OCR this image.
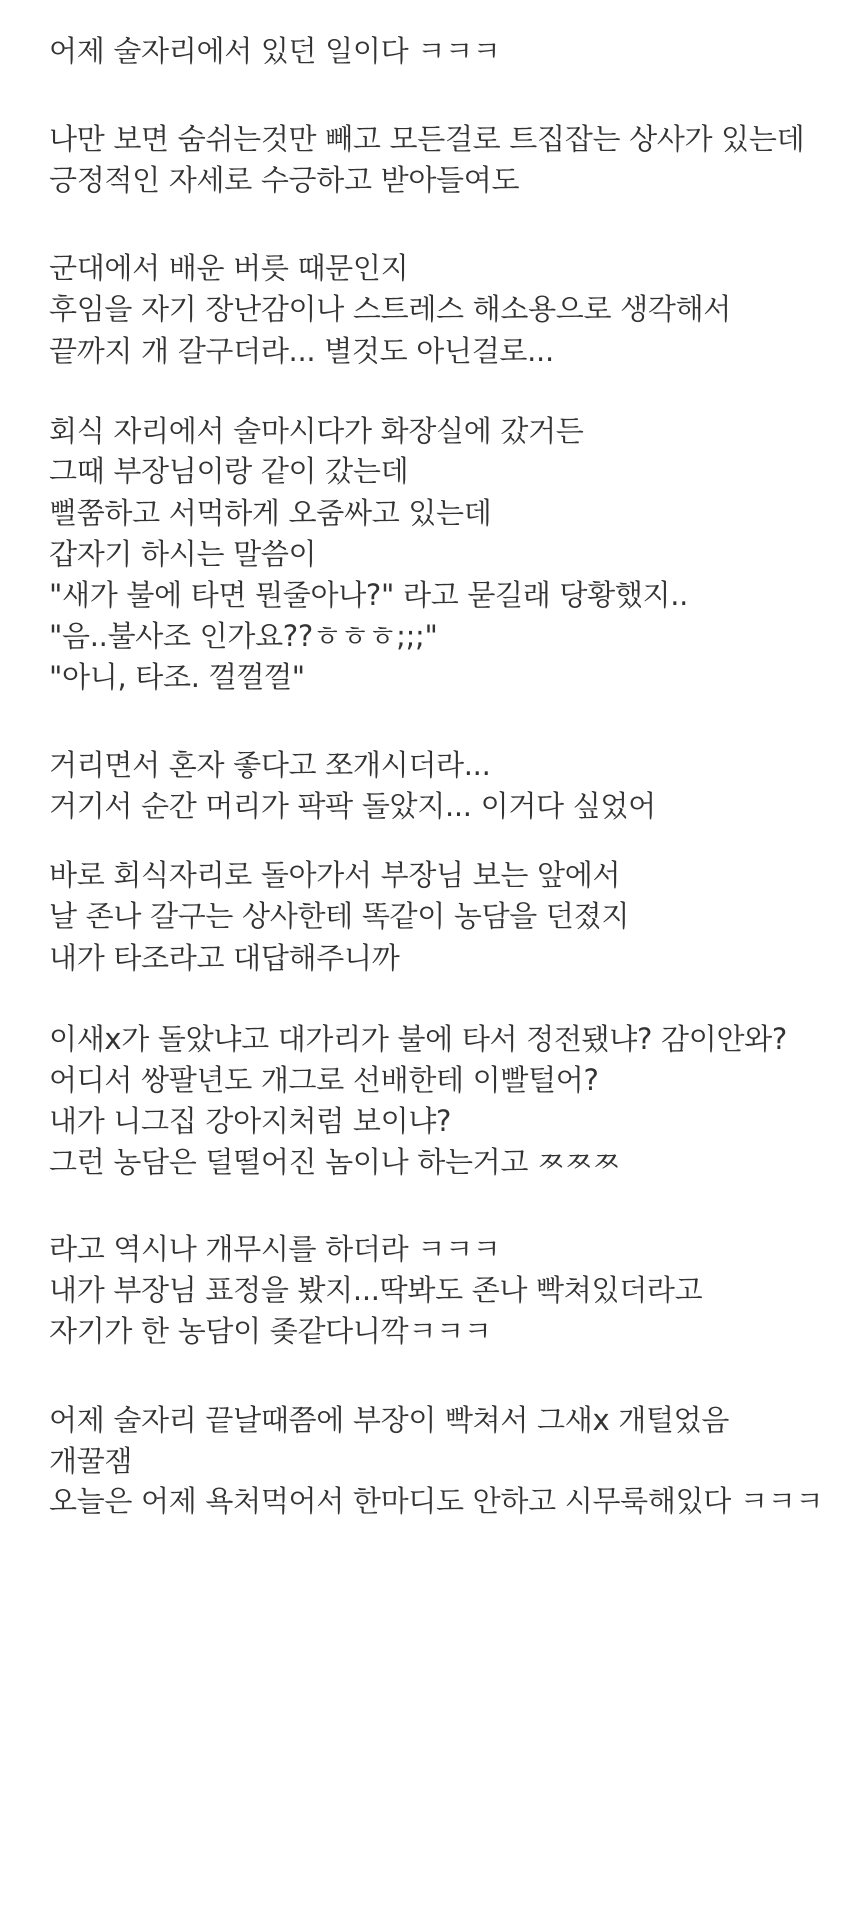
어제 술자리에서 있던 일이다 ㅋㅋㅋ
나만 보면 숨쉬는것만 빼고 모든걸로 트집잡는 상사가 있는데
긍정적인 자세로 수긍하고 받아들여도
군대에서 배운 버릇 때문인지
후임을 자기 장난감이나 스트레스 해소용으로 생각해서
끝까지 개 갈구더라... 별것도 아닌걸로...
회식 자리에서 술마시다가 화장실에 갔거든
그때 부장님이랑 같이 갔는데
뻘쭘하고 서먹하게 오줌싸고 있는데
갑자기 하시는 말씀이
"새가 불에 타면 뭔줄아나?" 라고 묻길래 당황했지..
"음..불사조 인가요??ㅎㅎㅎ;;;"
"아니, 타조. 껄껄껄"
거리면서 혼자 좋다고 쪼개시더라...
거기서 순간 머리가 팍팍 돌았지... 이거다 싶었어
바로 회식자리로 돌아가서 부장님 보는 앞에서
날 존나 갈구는 상사한테 똑같이 농담을 던졌지
내가 타조라고 대답해주니까
이새x가 돌았냐고 대가리가 불에 타서 정전됐냐? 감이안와?
어디서 쌍팔년도 개그로 선배한테 이빨털어?
내가 니그집 강아지처럼 보이냐?
그런 농담은 덜떨어진 놈이나 하는거고 ㅉㅉㅉ
라고 역시나 개무시를 하더라 ㅋㅋㅋ
내가 부장님 표정을 봤지...딱봐도 존나 빡쳐있더라고
자기가 한 농담이 좆같다니깍ㅋㅋㅋ
어제 술자리 끝날때쯤에 부장이 빡쳐서 그새x 개털었음
개꿀잼
오늘은 어제 욕처먹어서 한마디도 안하고 시무룩해있다 ㅋㅋㅋ
